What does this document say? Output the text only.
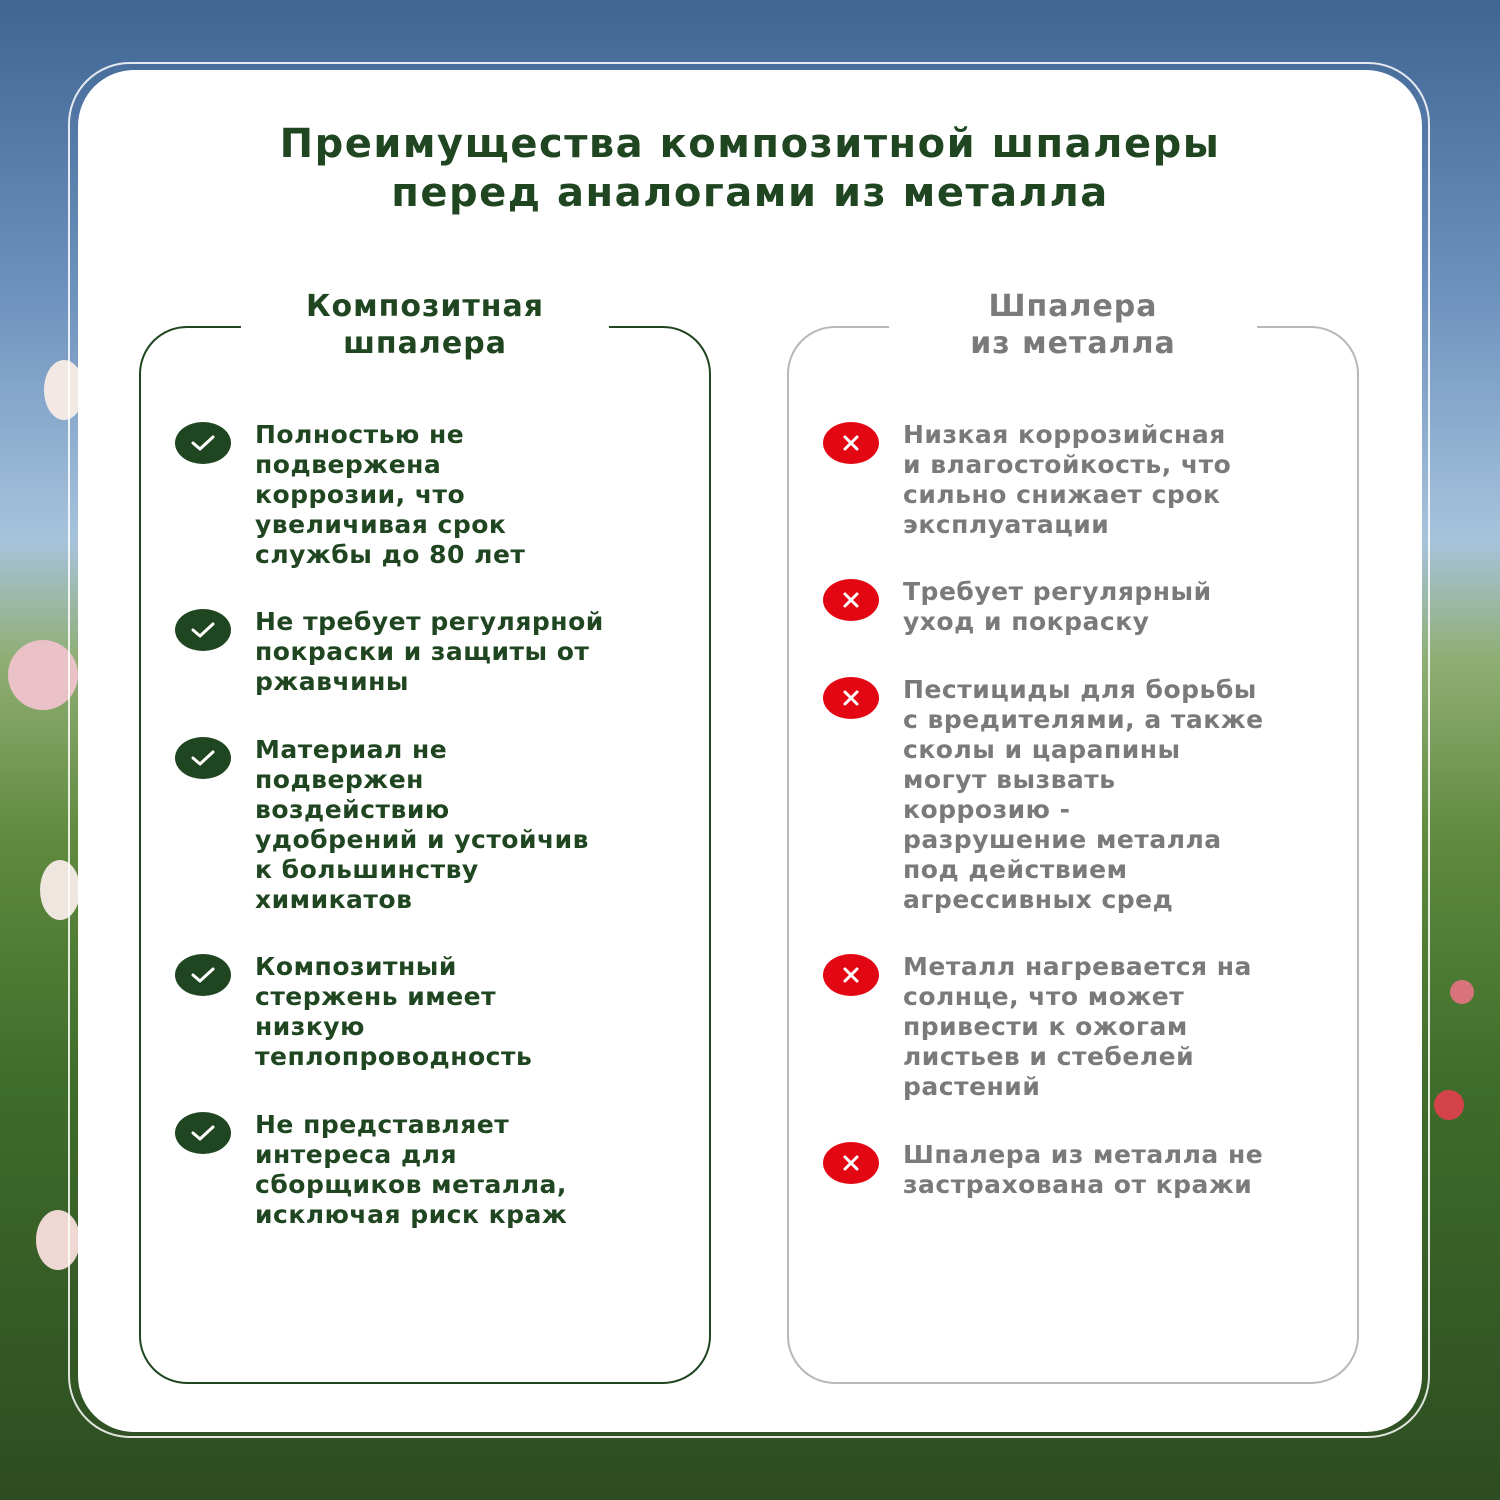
Преимущества композитной шпалеры
перед аналогами из металла
Композитная
шпалера
Полностью не
подвержена
коррозии, что
увеличивая срок
службы до 80 лет
Не требует регулярной
покраски и защиты от
ржавчины
Материал не
подвержен
воздействию
удобрений и устойчив
к большинству
химикатов
Композитный
стержень имеет
низкую
теплопроводность
Не представляет
интереса для
сборщиков металла,
исключая риск краж
Шпалера
из металла
Низкая коррозийсная
и влагостойкость, что
сильно снижает срок
эксплуатации
Требует регулярный
уход и покраску
Пестициды для борьбы
с вредителями, а также
сколы и царапины
могут вызвать
коррозию -
разрушение металла
под действием
агрессивных сред
Металл нагревается на
солнце, что может
привести к ожогам
листьев и стебелей
растений
Шпалера из металла не
застрахована от кражи
